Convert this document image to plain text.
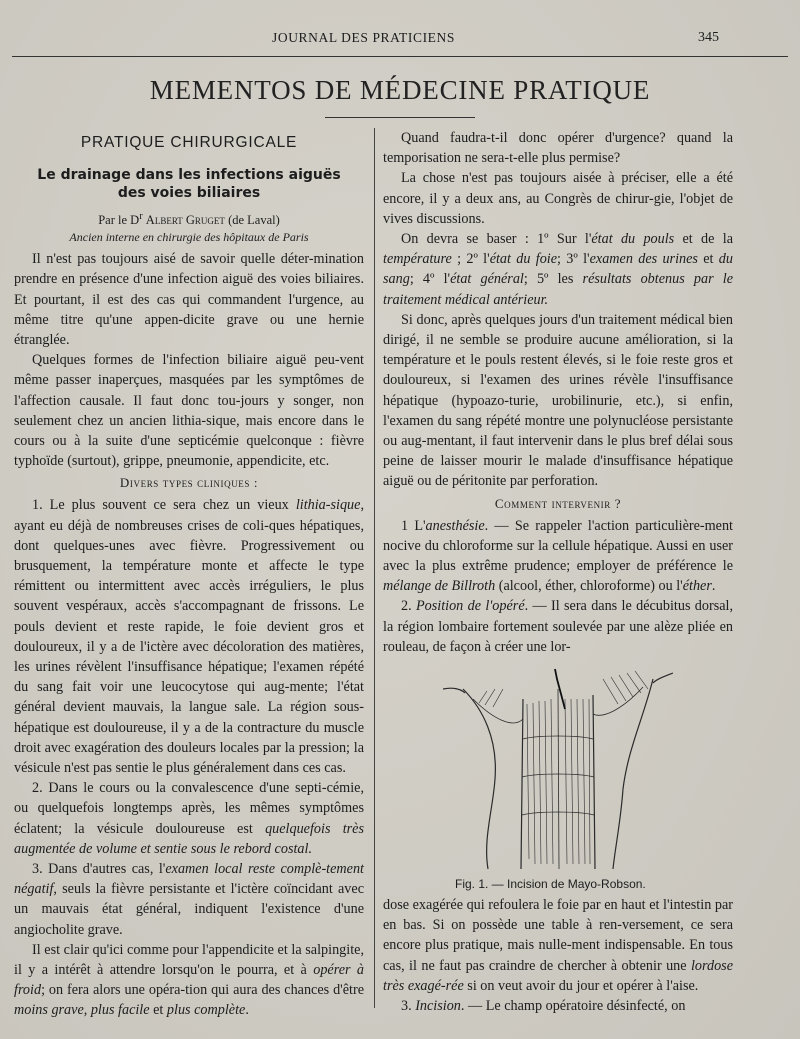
JOURNAL DES PRATICIENS	345
MEMENTOS DE MÉDECINE PRATIQUE
PRATIQUE CHIRURGICALE
Le drainage dans les infections aiguës
des voies biliaires
Par le $D^r$ Albert Gruget (de Laval)
Ancien interne en chirurgie des hôpitaux de Paris

Il n'est pas toujours aisé de savoir quelle déter-mination prendre en présence d'une infection aiguë des voies biliaires. Et pourtant, il est des cas qui commandent l'urgence, au même titre qu'une appen-dicite grave ou une hernie étranglée.

Quelques formes de l'infection biliaire aiguë peu-vent même passer inaperçues, masquées par les symptômes de l'affection causale. Il faut donc tou-jours y songer, non seulement chez un ancien lithia-sique, mais encore dans le cours ou à la suite d'une septicémie quelconque : fièvre typhoïde (surtout), grippe, pneumonie, appendicite, etc.

Divers types cliniques :

1. Le plus souvent ce sera chez un vieux lithia-sique, ayant eu déjà de nombreuses crises de coli-ques hépatiques, dont quelques-unes avec fièvre. Progressivement ou brusquement, la température monte et affecte le type rémittent ou intermittent avec accès irréguliers, le plus souvent vespéraux, accès s'accompagnant de frissons. Le pouls devient et reste rapide, le foie devient gros et douloureux, il y a de l'ictère avec décoloration des matières, les urines révèlent l'insuffisance hépatique; l'examen répété du sang fait voir une leucocytose qui aug-mente; l'état général devient mauvais, la langue sale. La région sous-hépatique est douloureuse, il y a de la contracture du muscle droit avec exagération des douleurs locales par la pression; la vésicule n'est pas sentie le plus généralement dans ces cas.

2. Dans le cours ou la convalescence d'une septi-cémie, ou quelquefois longtemps après, les mêmes symptômes éclatent; la vésicule douloureuse est quelquefois très augmentée de volume et sentie sous le rebord costal.

3. Dans d'autres cas, l'examen local reste complè-tement négatif, seuls la fièvre persistante et l'ictère coïncidant avec un mauvais état général, indiquent l'existence d'une angiocholite grave.

Il est clair qu'ici comme pour l'appendicite et la salpingite, il y a intérêt à attendre lorsqu'on le pourra, et à opérer à froid; on fera alors une opéra-tion qui aura des chances d'être moins grave, plus facile et plus complète.

Quand faudra-t-il donc opérer d'urgence? quand la temporisation ne sera-t-elle plus permise?

La chose n'est pas toujours aisée à préciser, elle a été encore, il y a deux ans, au Congrès de chirur-gie, l'objet de vives discussions.

On devra se baser : 1º Sur l'état du pouls et de la température ; 2º l'état du foie; 3º l'examen des urines et du sang; 4º l'état général; 5º les résultats obtenus par le traitement médical antérieur.

Si donc, après quelques jours d'un traitement médical bien dirigé, il ne semble se produire aucune amélioration, si la température et le pouls restent élevés, si le foie reste gros et douloureux, si l'examen des urines révèle l'insuffisance hépatique (hypoazo-turie, urobilinurie, etc.), si enfin, l'examen du sang répété montre une polynucléose persistante ou aug-mentant, il faut intervenir dans le plus bref délai sous peine de laisser mourir le malade d'insuffisance hépatique aiguë ou de péritonite par perforation.

Comment intervenir ?

1 L'anesthésie. — Se rappeler l'action particulière-ment nocive du chloroforme sur la cellule hépatique. Aussi en user avec la plus extrême prudence; employer de préférence le mélange de Billroth (alcool, éther, chloroforme) ou l'éther.

2. Position de l'opéré. — Il sera dans le décubitus dorsal, la région lombaire fortement soulevée par une alèze pliée en rouleau, de façon à créer une lor-

Fig. 1. — Incision de Mayo-Robson.

dose exagérée qui refoulera le foie par en haut et l'intestin par en bas. Si on possède une table à ren-versement, ce sera encore plus pratique, mais nulle-ment indispensable. En tous cas, il ne faut pas craindre de chercher à obtenir une lordose très exagé-rée si on veut avoir du jour et opérer à l'aise.

3. Incision. — Le champ opératoire désinfecté, on
